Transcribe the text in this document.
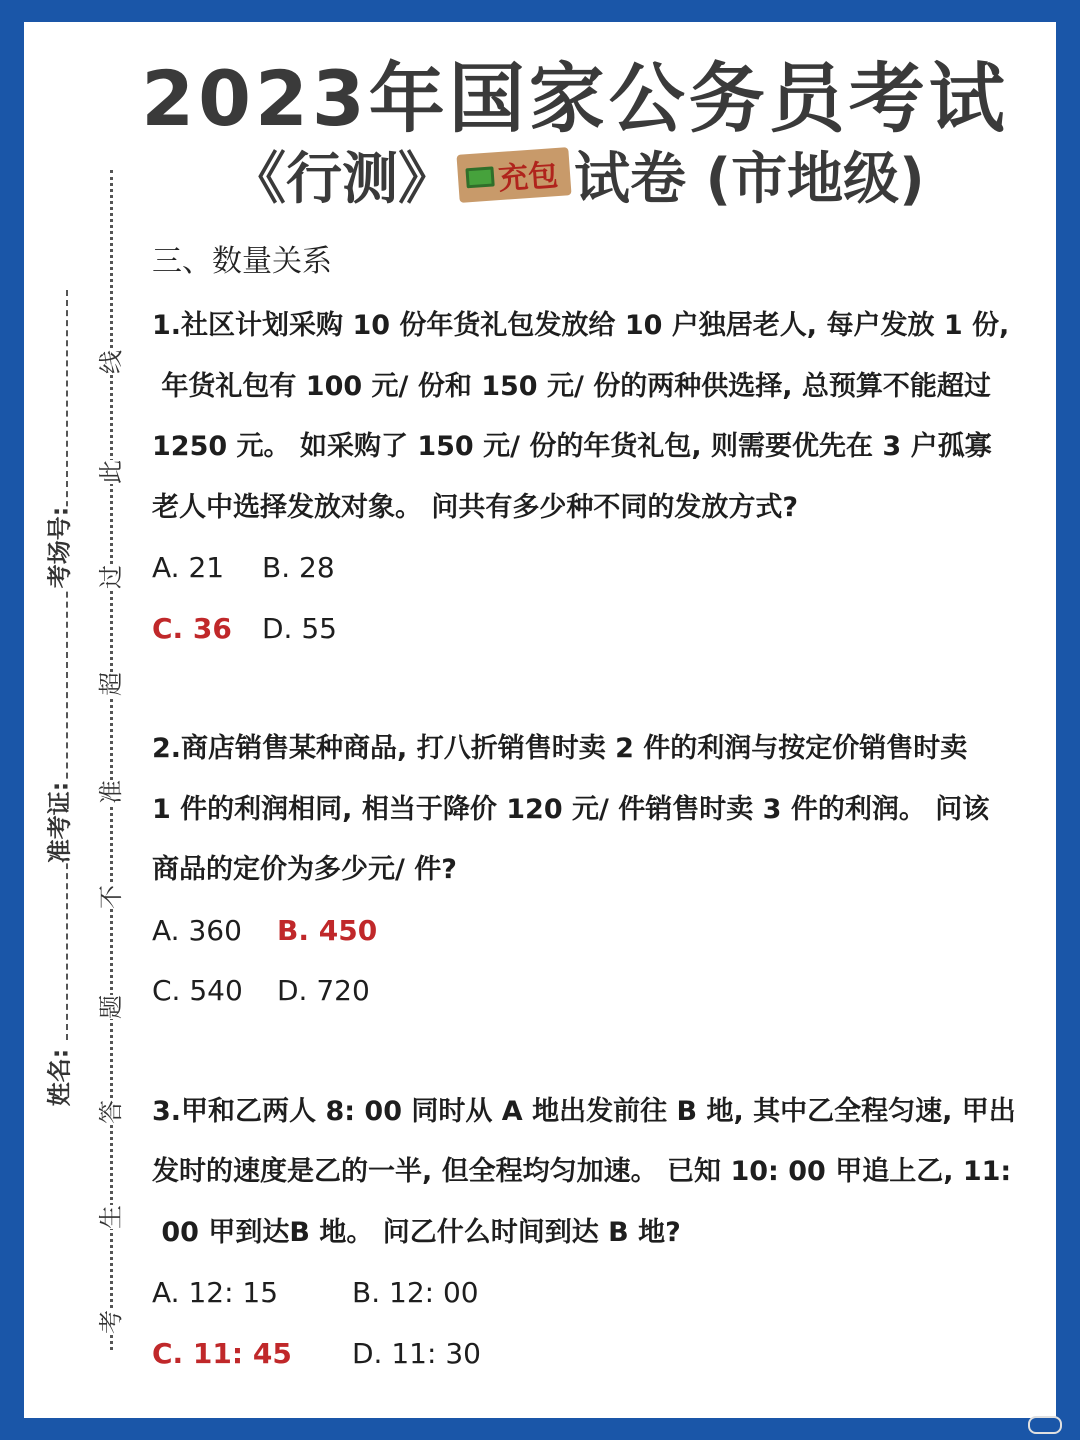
2023年国家公务员考试
《行测》 充包 试卷 (市地级)
线
此
过
超
准
不
题
答
生
考
考场号:
准考证:
姓名:
三、数量关系
1.社区计划采购 10 份年货礼包发放给 10 户独居老人, 每户发放 1 份,
年货礼包有 100 元/ 份和 150 元/ 份的两种供选择, 总预算不能超过
1250 元。 如采购了 150 元/ 份的年货礼包, 则需要优先在 3 户孤寡
老人中选择发放对象。 问共有多少种不同的发放方式?
A. 21	B. 28
C. 36	D. 55
2.商店销售某种商品, 打八折销售时卖 2 件的利润与按定价销售时卖
1 件的利润相同, 相当于降价 120 元/ 件销售时卖 3 件的利润。 问该
商品的定价为多少元/ 件?
A. 360	B. 450
C. 540	D. 720
3.甲和乙两人 8: 00 同时从 A 地出发前往 B 地, 其中乙全程匀速, 甲出
发时的速度是乙的一半, 但全程均匀加速。 已知 10: 00 甲追上乙, 11:
00 甲到达B 地。 问乙什么时间到达 B 地?
A. 12: 15	B. 12: 00
C. 11: 45	D. 11: 30
